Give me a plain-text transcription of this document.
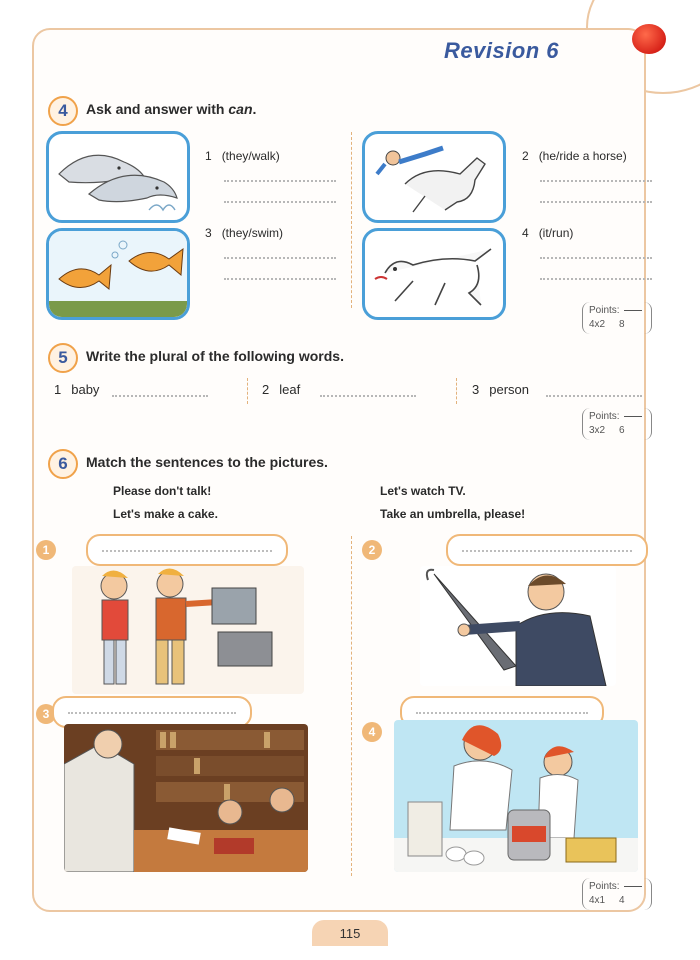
Revision 6
4	Ask and answer with can.
1 (they/walk)
3 (they/swim)
2 (he/ride a horse)
4 (it/run)
Points:
4x2 8
5	Write the plural of the following words.
1 baby	2 leaf	3 person
Points:
3x2 6
6	Match the sentences to the pictures.
Please don't talk!
Let's make a cake.
Let's watch TV.
Take an umbrella, please!
1	2
3
4
Points:
4x1 4
115
